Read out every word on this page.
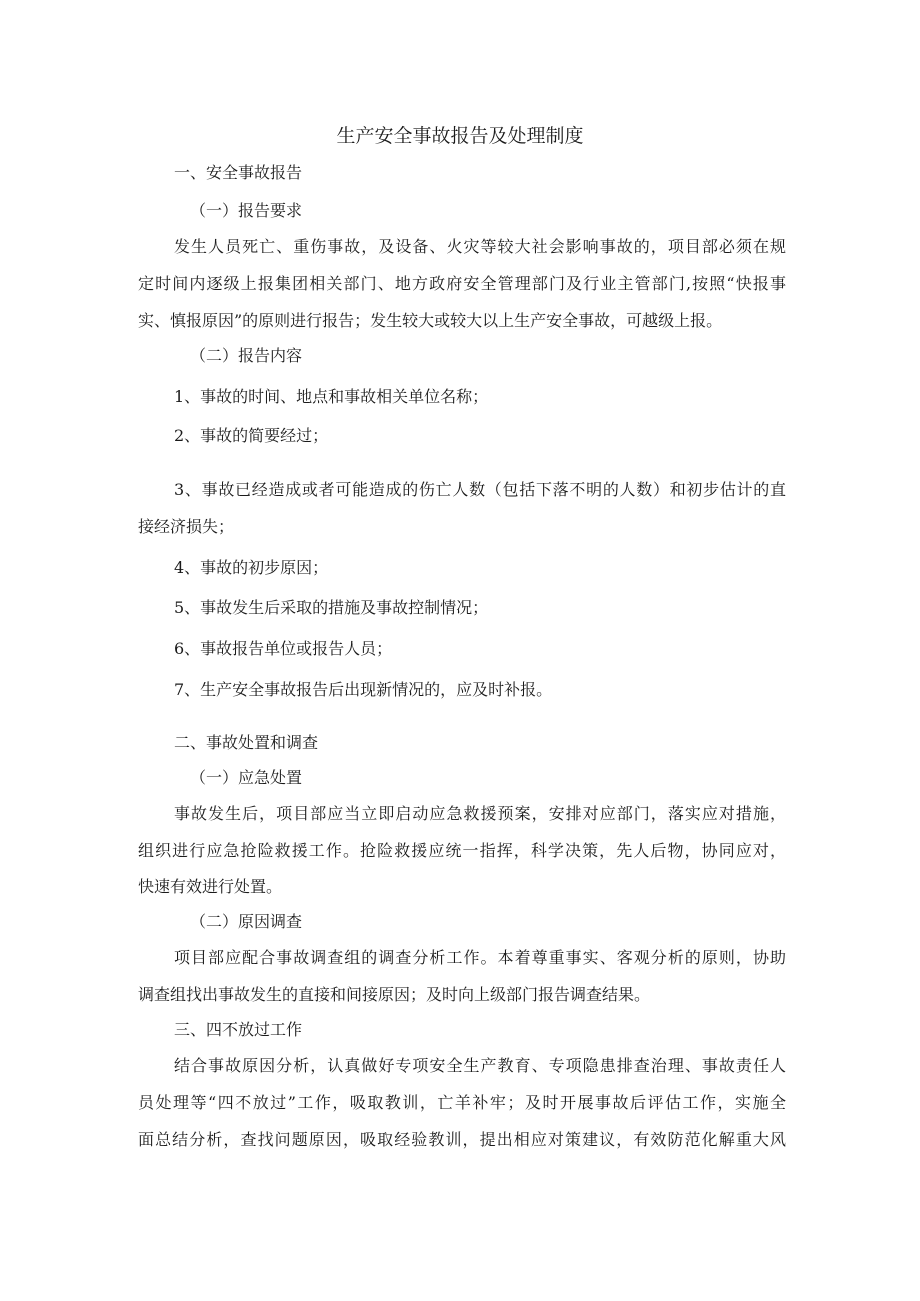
生产安全事故报告及处理制度
一、安全事故报告
（一）报告要求
发生人员死亡、重伤事故，及设备、火灾等较大社会影响事故的，项目部必须在规
定时间内逐级上报集团相关部门、地方政府安全管理部门及行业主管部门,按照“快报事
实、慎报原因”的原则进行报告；发生较大或较大以上生产安全事故，可越级上报。
（二）报告内容
1、事故的时间、地点和事故相关单位名称；
2、事故的简要经过；
3、事故已经造成或者可能造成的伤亡人数（包括下落不明的人数）和初步估计的直
接经济损失；
4、事故的初步原因；
5、事故发生后采取的措施及事故控制情况；
6、事故报告单位或报告人员；
7、生产安全事故报告后出现新情况的，应及时补报。
二、事故处置和调查
（一）应急处置
事故发生后，项目部应当立即启动应急救援预案，安排对应部门，落实应对措施，
组织进行应急抢险救援工作。抢险救援应统一指挥，科学决策，先人后物，协同应对，
快速有效进行处置。
（二）原因调查
项目部应配合事故调查组的调查分析工作。本着尊重事实、客观分析的原则，协助
调查组找出事故发生的直接和间接原因；及时向上级部门报告调查结果。
三、四不放过工作
结合事故原因分析，认真做好专项安全生产教育、专项隐患排查治理、事故责任人
员处理等“四不放过”工作，吸取教训，亡羊补牢；及时开展事故后评估工作，实施全
面总结分析，查找问题原因，吸取经验教训，提出相应对策建议，有效防范化解重大风
